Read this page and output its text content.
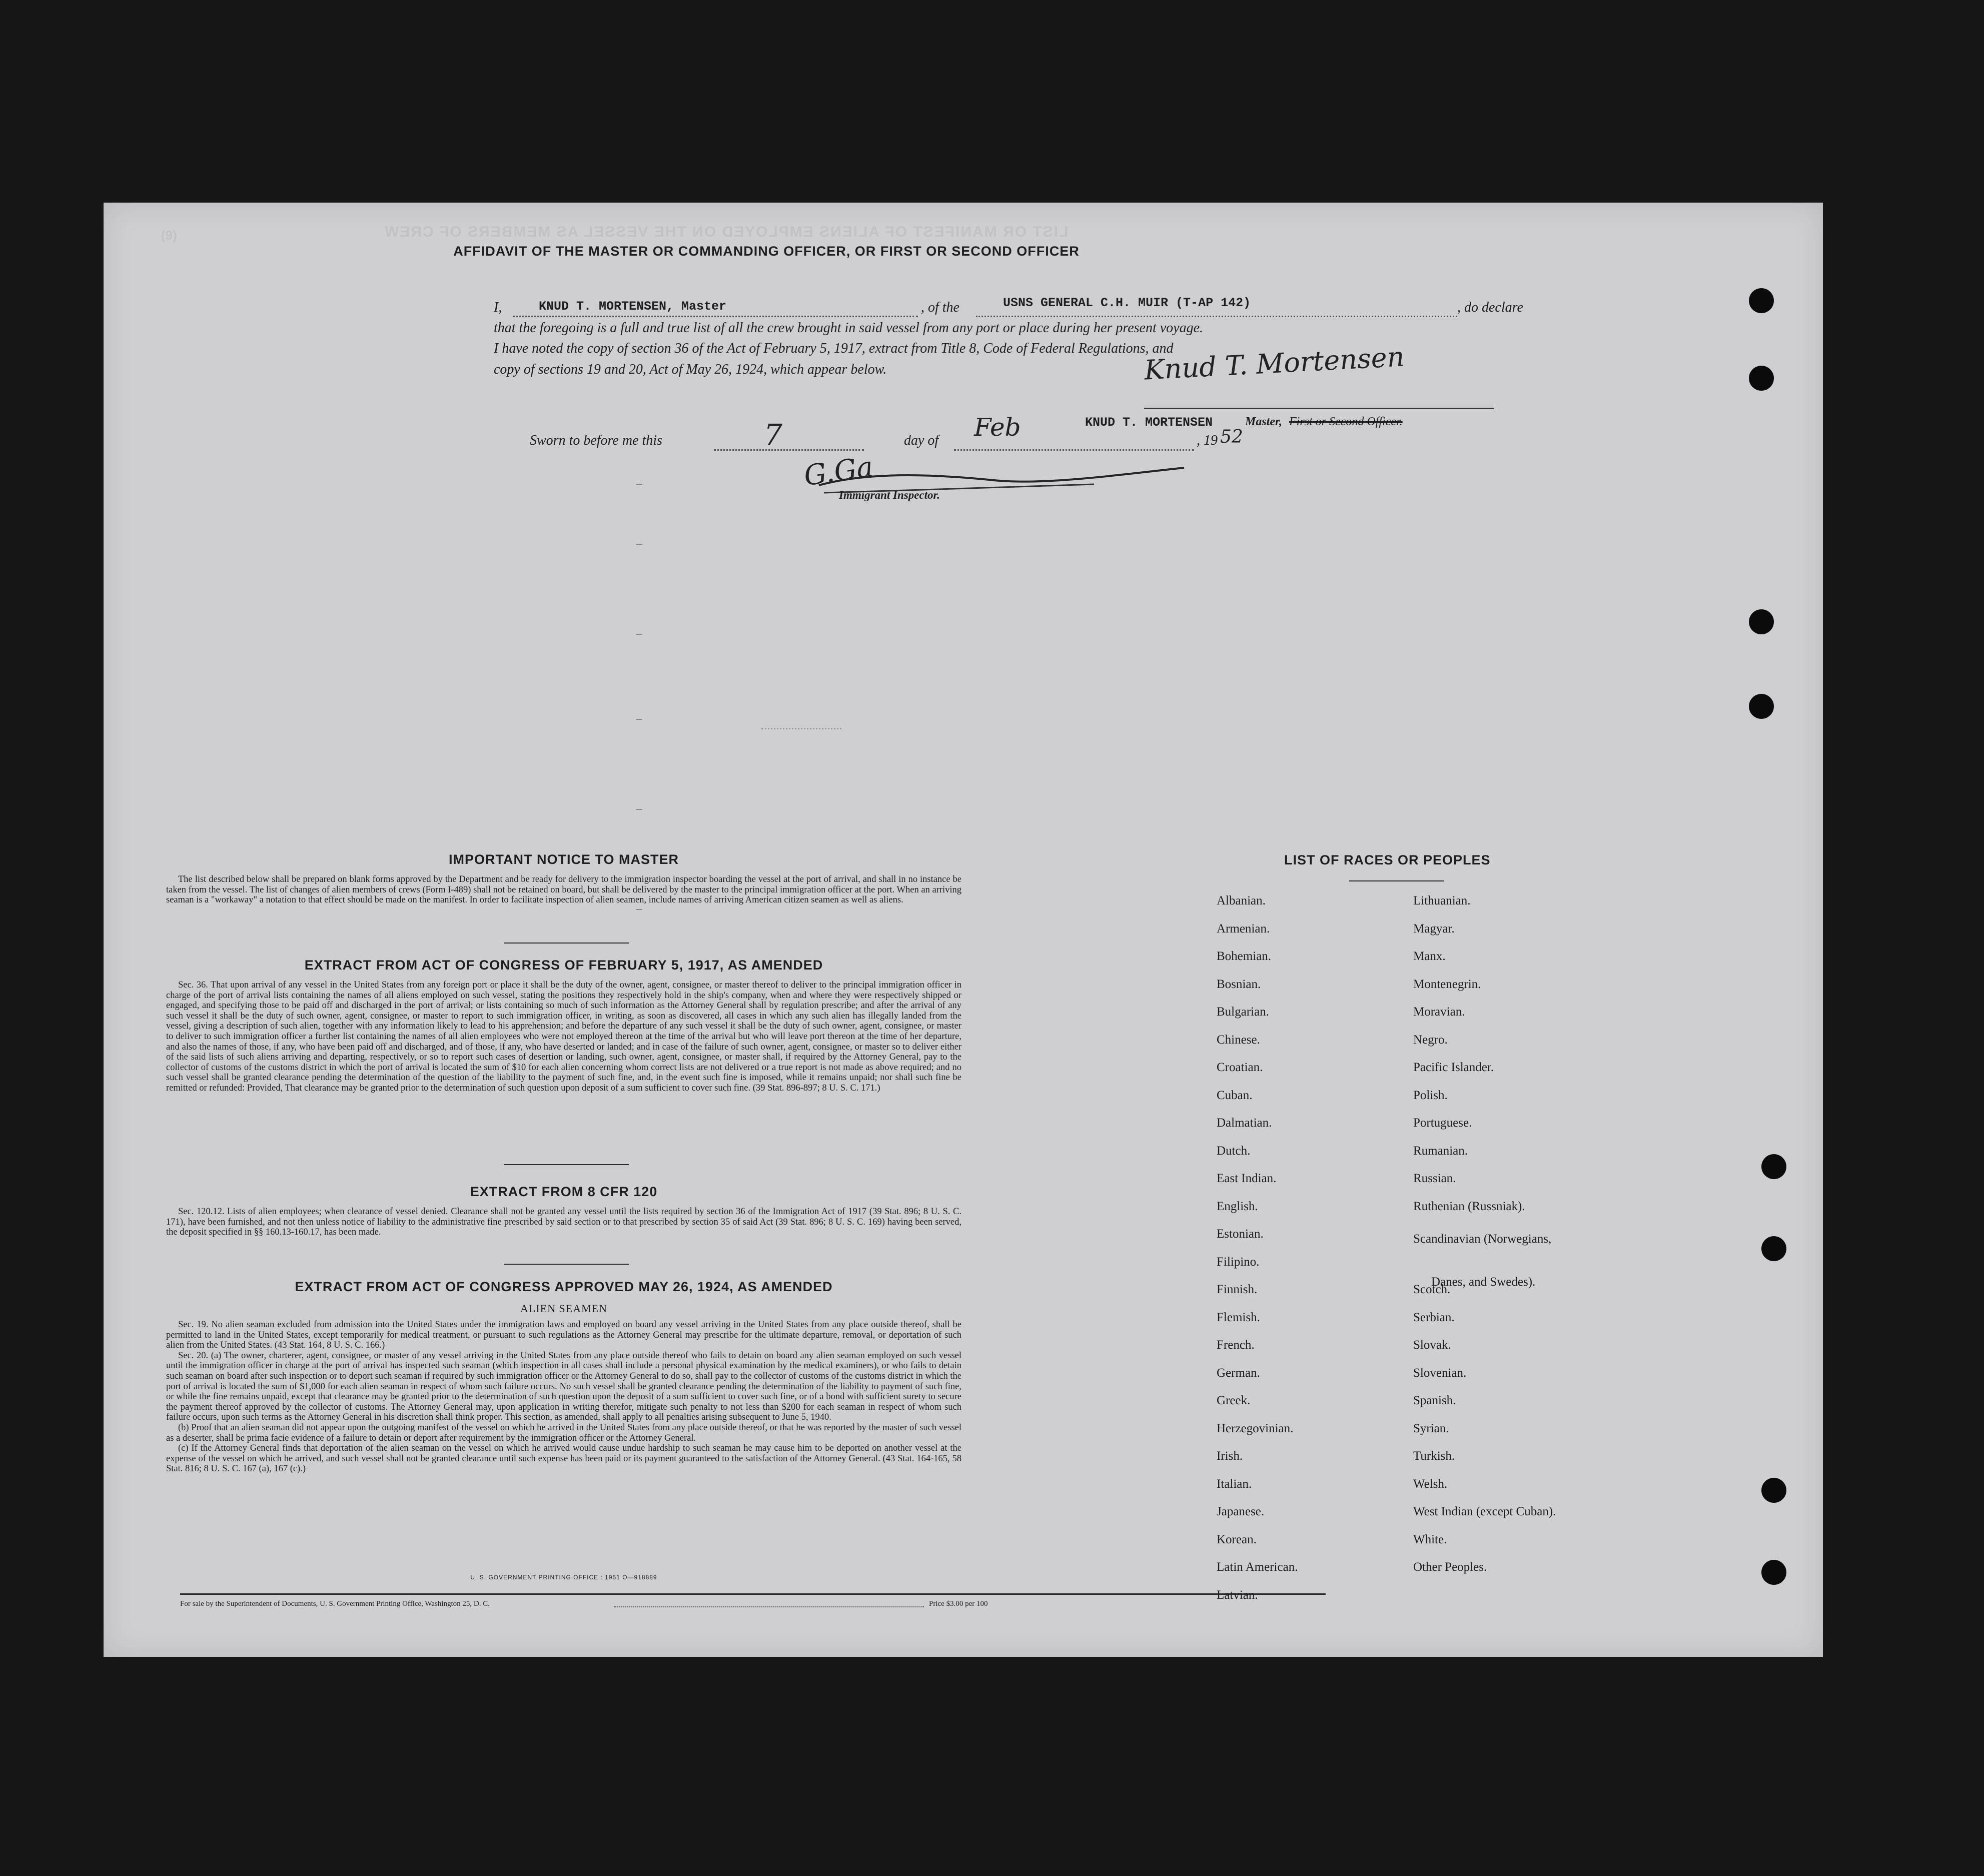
LIST OR MANIFEST OF ALIENS EMPLOYED ON THE VESSEL AS MEMBERS OF CREW
(9)
AFFIDAVIT OF THE MASTER OR COMMANDING OFFICER, OR FIRST OR SECOND OFFICER
I,	KNUD T. MORTENSEN, Master	, of the	USNS GENERAL C.H. MUIR (T-AP 142)	, do declare
that the foregoing is a full and true list of all the crew brought in said vessel from any port or place during her present voyage.
I have noted the copy of section 36 of the Act of February 5, 1917, extract from Title 8, Code of Federal Regulations, and
copy of sections 19 and 20, Act of May 26, 1924, which appear below.	Knud T. Mortensen
KNUD T. MORTENSEN	Master, First or Second Officer.
Sworn to before me this	7	day of Feb	, 19 52
G.Ga
Immigrant Inspector.
IMPORTANT NOTICE TO MASTER

The list described below shall be prepared on blank forms approved by the Department and be ready for delivery to the immigration inspector boarding the vessel at the port of arrival, and shall in no instance be taken from the vessel. The list of changes of alien members of crews (Form I-489) shall not be retained on board, but shall be delivered by the master to the principal immigration officer at the port. When an arriving seaman is a "workaway" a notation to that effect should be made on the manifest. In order to facilitate inspection of alien seamen, include names of arriving American citizen seamen as well as aliens.

EXTRACT FROM ACT OF CONGRESS OF FEBRUARY 5, 1917, AS AMENDED

Sec. 36. That upon arrival of any vessel in the United States from any foreign port or place it shall be the duty of the owner, agent, consignee, or master thereof to deliver to the principal immigration officer in charge of the port of arrival lists containing the names of all aliens employed on such vessel, stating the positions they respectively hold in the ship's company, when and where they were respectively shipped or engaged, and specifying those to be paid off and discharged in the port of arrival; or lists containing so much of such information as the Attorney General shall by regulation prescribe; and after the arrival of any such vessel it shall be the duty of such owner, agent, consignee, or master to report to such immigration officer, in writing, as soon as discovered, all cases in which any such alien has illegally landed from the vessel, giving a description of such alien, together with any information likely to lead to his apprehension; and before the departure of any such vessel it shall be the duty of such owner, agent, consignee, or master to deliver to such immigration officer a further list containing the names of all alien employees who were not employed thereon at the time of the arrival but who will leave port thereon at the time of her departure, and also the names of those, if any, who have been paid off and discharged, and of those, if any, who have deserted or landed; and in case of the failure of such owner, agent, consignee, or master so to deliver either of the said lists of such aliens arriving and departing, respectively, or so to report such cases of desertion or landing, such owner, agent, consignee, or master shall, if required by the Attorney General, pay to the collector of customs of the customs district in which the port of arrival is located the sum of $10 for each alien concerning whom correct lists are not delivered or a true report is not made as above required; and no such vessel shall be granted clearance pending the determination of the question of the liability to the payment of such fine, and, in the event such fine is imposed, while it remains unpaid; nor shall such fine be remitted or refunded: Provided, That clearance may be granted prior to the determination of such question upon deposit of a sum sufficient to cover such fine. (39 Stat. 896-897; 8 U. S. C. 171.)

EXTRACT FROM 8 CFR 120

Sec. 120.12. Lists of alien employees; when clearance of vessel denied. Clearance shall not be granted any vessel until the lists required by section 36 of the Immigration Act of 1917 (39 Stat. 896; 8 U. S. C. 171), have been furnished, and not then unless notice of liability to the administrative fine prescribed by said section or to that prescribed by section 35 of said Act (39 Stat. 896; 8 U. S. C. 169) having been served, the deposit specified in §§ 160.13-160.17, has been made.

EXTRACT FROM ACT OF CONGRESS APPROVED MAY 26, 1924, AS AMENDED
ALIEN SEAMEN

Sec. 19. No alien seaman excluded from admission into the United States under the immigration laws and employed on board any vessel arriving in the United States from any place outside thereof, shall be permitted to land in the United States, except temporarily for medical treatment, or pursuant to such regulations as the Attorney General may prescribe for the ultimate departure, removal, or deportation of such alien from the United States. (43 Stat. 164, 8 U. S. C. 166.)

Sec. 20. (a) The owner, charterer, agent, consignee, or master of any vessel arriving in the United States from any place outside thereof who fails to detain on board any alien seaman employed on such vessel until the immigration officer in charge at the port of arrival has inspected such seaman (which inspection in all cases shall include a personal physical examination by the medical examiners), or who fails to detain such seaman on board after such inspection or to deport such seaman if required by such immigration officer or the Attorney General to do so, shall pay to the collector of customs of the customs district in which the port of arrival is located the sum of $1,000 for each alien seaman in respect of whom such failure occurs. No such vessel shall be granted clearance pending the determination of the liability to payment of such fine, or while the fine remains unpaid, except that clearance may be granted prior to the determination of such question upon the deposit of a sum sufficient to cover such fine, or of a bond with sufficient surety to secure the payment thereof approved by the collector of customs. The Attorney General may, upon application in writing therefor, mitigate such penalty to not less than $200 for each seaman in respect of whom such failure occurs, upon such terms as the Attorney General in his discretion shall think proper. This section, as amended, shall apply to all penalties arising subsequent to June 5, 1940.

(b) Proof that an alien seaman did not appear upon the outgoing manifest of the vessel on which he arrived in the United States from any place outside thereof, or that he was reported by the master of such vessel as a deserter, shall be prima facie evidence of a failure to detain or deport after requirement by the immigration officer or the Attorney General.

(c) If the Attorney General finds that deportation of the alien seaman on the vessel on which he arrived would cause undue hardship to such seaman he may cause him to be deported on another vessel at the expense of the vessel on which he arrived, and such vessel shall not be granted clearance until such expense has been paid or its payment guaranteed to the satisfaction of the Attorney General. (43 Stat. 164-165, 58 Stat. 816; 8 U. S. C. 167 (a), 167 (c).)

U. S. GOVERNMENT PRINTING OFFICE : 1951 O—918889
For sale by the Superintendent of Documents, U. S. Government Printing Office, Washington 25, D. C.	Price $3.00 per 100
LIST OF RACES OR PEOPLES
Albanian.
Armenian.
Bohemian.
Bosnian.
Bulgarian.
Chinese.
Croatian.
Cuban.
Dalmatian.
Dutch.
East Indian.
English.
Estonian.
Filipino.
Finnish.
Flemish.
French.
German.
Greek.
Herzegovinian.
Irish.
Italian.
Japanese.
Korean.
Latin American.
Latvian.
Lithuanian.
Magyar.
Manx.
Montenegrin.
Moravian.
Negro.
Pacific Islander.
Polish.
Portuguese.
Rumanian.
Russian.
Ruthenian (Russniak).
Scandinavian (Norwegians,
Danes, and Swedes).
Scotch.
Serbian.
Slovak.
Slovenian.
Spanish.
Syrian.
Turkish.
Welsh.
West Indian (except Cuban).
White.
Other Peoples.
